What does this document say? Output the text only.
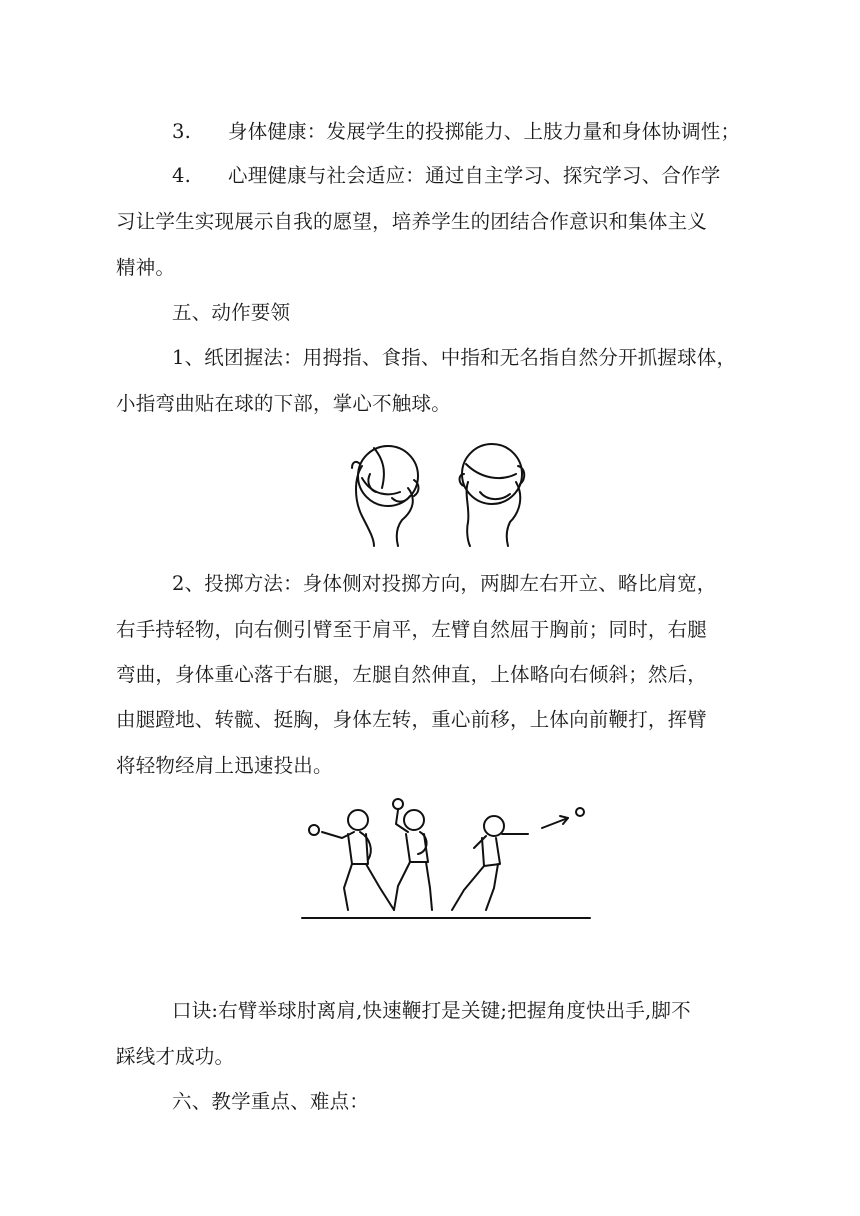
3. 身体健康：发展学生的投掷能力、上肢力量和身体协调性；
4. 心理健康与社会适应：通过自主学习、探究学习、合作学
习让学生实现展示自我的愿望，培养学生的团结合作意识和集体主义
精神。
五、动作要领
1、纸团握法：用拇指、食指、中指和无名指自然分开抓握球体，
小指弯曲贴在球的下部，掌心不触球。
2、投掷方法：身体侧对投掷方向，两脚左右开立、略比肩宽，
右手持轻物，向右侧引臂至于肩平，左臂自然屈于胸前；同时，右腿
弯曲，身体重心落于右腿，左腿自然伸直，上体略向右倾斜；然后，
由腿蹬地、转髋、挺胸，身体左转，重心前移，上体向前鞭打，挥臂
将轻物经肩上迅速投出。
口诀:右臂举球肘离肩,快速鞭打是关键;把握角度快出手,脚不
踩线才成功。
六、教学重点、难点：
